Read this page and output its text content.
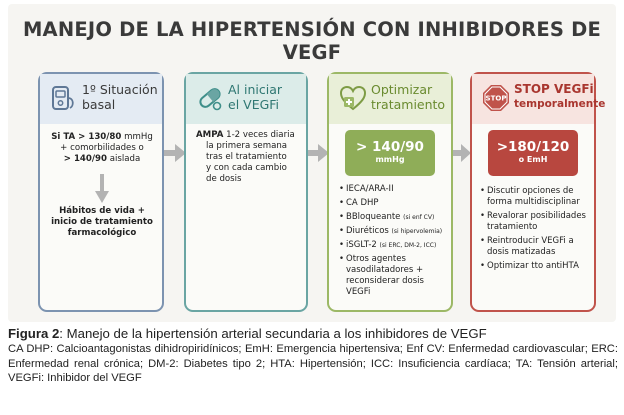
MANEJO DE LA HIPERTENSIÓN CON INHIBIDORES DE VEGF
1º Situación
basal
Si TA > 130/80 mmHg
+ comorbilidades o
> 140/90 aislada
Hábitos de vida +
inicio de tratamiento
farmacológico
Al iniciar
el VEGFi
AMPA 1-2 veces diaria
la primera semana
tras el tratamiento
y con cada cambio
de dosis
Optimizar
tratamiento
> 140/90
mmHg
• IECA/ARA-II
• CA DHP
• BBloqueante (si enf CV)
• Diuréticos (si hipervolemia)
• iSGLT-2 (si ERC, DM-2, ICC)
• Otros agentes vasodilatadores + reconsiderar dosis VEGFi
STOP
STOP VEGFi
temporalmente
>180/120
o EmH
• Discutir opciones de forma multidisciplinar
• Revalorar posibilidades tratamiento
• Reintroducir VEGFi a dosis matizadas
• Optimizar tto antiHTA
Figura 2: Manejo de la hipertensión arterial secundaria a los inhibidores de VEGF
CA DHP: Calcioantagonistas dihidropiridínicos; EmH: Emergencia hipertensiva; Enf CV: Enfermedad cardiovascular; ERC: Enfermedad renal crónica; DM-2: Diabetes tipo 2; HTA: Hipertensión; ICC: Insuficiencia cardíaca; TA: Tensión arterial; VEGFi: Inhibidor del VEGF
